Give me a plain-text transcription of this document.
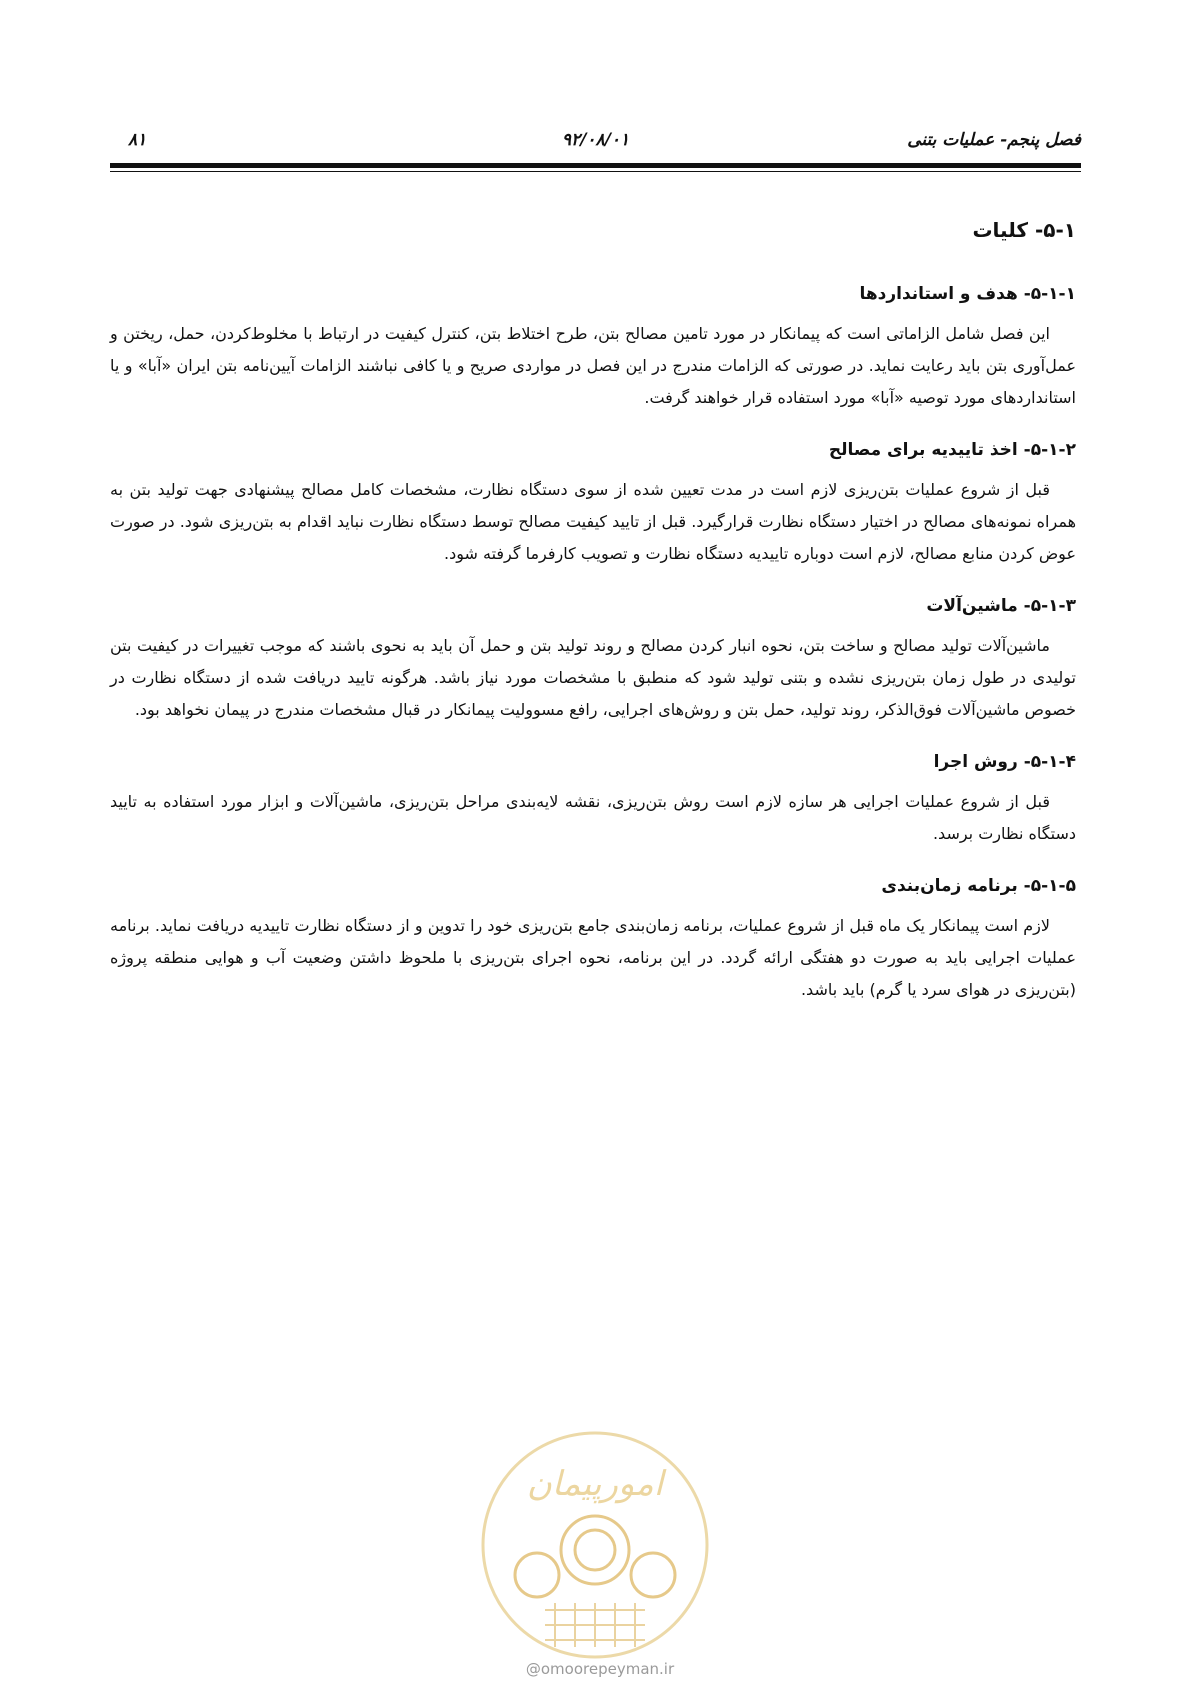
۸۱	۹۲/۰۸/۰۱	فصل پنجم- عملیات بتنی
۵-۱- کلیات
۵-۱-۱- هدف و استانداردها

این فصل شامل الزاماتی است که پیمانکار در مورد تامین مصالح بتن، طرح اختلاط بتن، کنترل کیفیت در ارتباط با مخلوط‌کردن، حمل، ریختن و عمل‌آوری بتن باید رعایت نماید. در صورتی که الزامات مندرج در این فصل در مواردی صریح و یا کافی نباشند الزامات آیین‌نامه بتن ایران «آبا» و یا استانداردهای مورد توصیه «آبا» مورد استفاده قرار خواهند گرفت.

۵-۱-۲- اخذ تاییدیه برای مصالح

قبل از شروع عملیات بتن‌ریزی لازم است در مدت تعیین شده از سوی دستگاه نظارت، مشخصات کامل مصالح پیشنهادی جهت تولید بتن به همراه نمونه‌های مصالح در اختیار دستگاه نظارت قرارگیرد. قبل از تایید کیفیت مصالح توسط دستگاه نظارت نباید اقدام به بتن‌ریزی شود. در صورت عوض کردن منابع مصالح، لازم است دوباره تاییدیه دستگاه نظارت و تصویب کارفرما گرفته شود.

۵-۱-۳- ماشین‌آلات

ماشین‌آلات تولید مصالح و ساخت بتن، نحوه انبار کردن مصالح و روند تولید بتن و حمل آن باید به نحوی باشند که موجب تغییرات در کیفیت بتن تولیدی در طول زمان بتن‌ریزی نشده و بتنی تولید شود که منطبق با مشخصات مورد نیاز باشد. هرگونه تایید دریافت شده از دستگاه نظارت در خصوص ماشین‌آلات فوق‌الذکر، روند تولید، حمل بتن و روش‌های اجرایی، رافع مسوولیت پیمانکار در قبال مشخصات مندرج در پیمان نخواهد بود.

۵-۱-۴- روش اجرا

قبل از شروع عملیات اجرایی هر سازه لازم است روش بتن‌ریزی، نقشه لایه‌بندی مراحل بتن‌ریزی، ماشین‌آلات و ابزار مورد استفاده به تایید دستگاه نظارت برسد.

۵-۱-۵- برنامه زمان‌بندی

لازم است پیمانکار یک ماه قبل از شروع عملیات، برنامه زمان‌بندی جامع بتن‌ریزی خود را تدوین و از دستگاه نظارت تاییدیه دریافت نماید. برنامه عملیات اجرایی باید به صورت دو هفتگی ارائه گردد. در این برنامه، نحوه اجرای بتن‌ریزی با ملحوظ داشتن وضعیت آب و هوایی منطقه پروژه (بتن‌ریزی در هوای سرد یا گرم) باید باشد.

امورپیمان
@omoorepeyman.ir
